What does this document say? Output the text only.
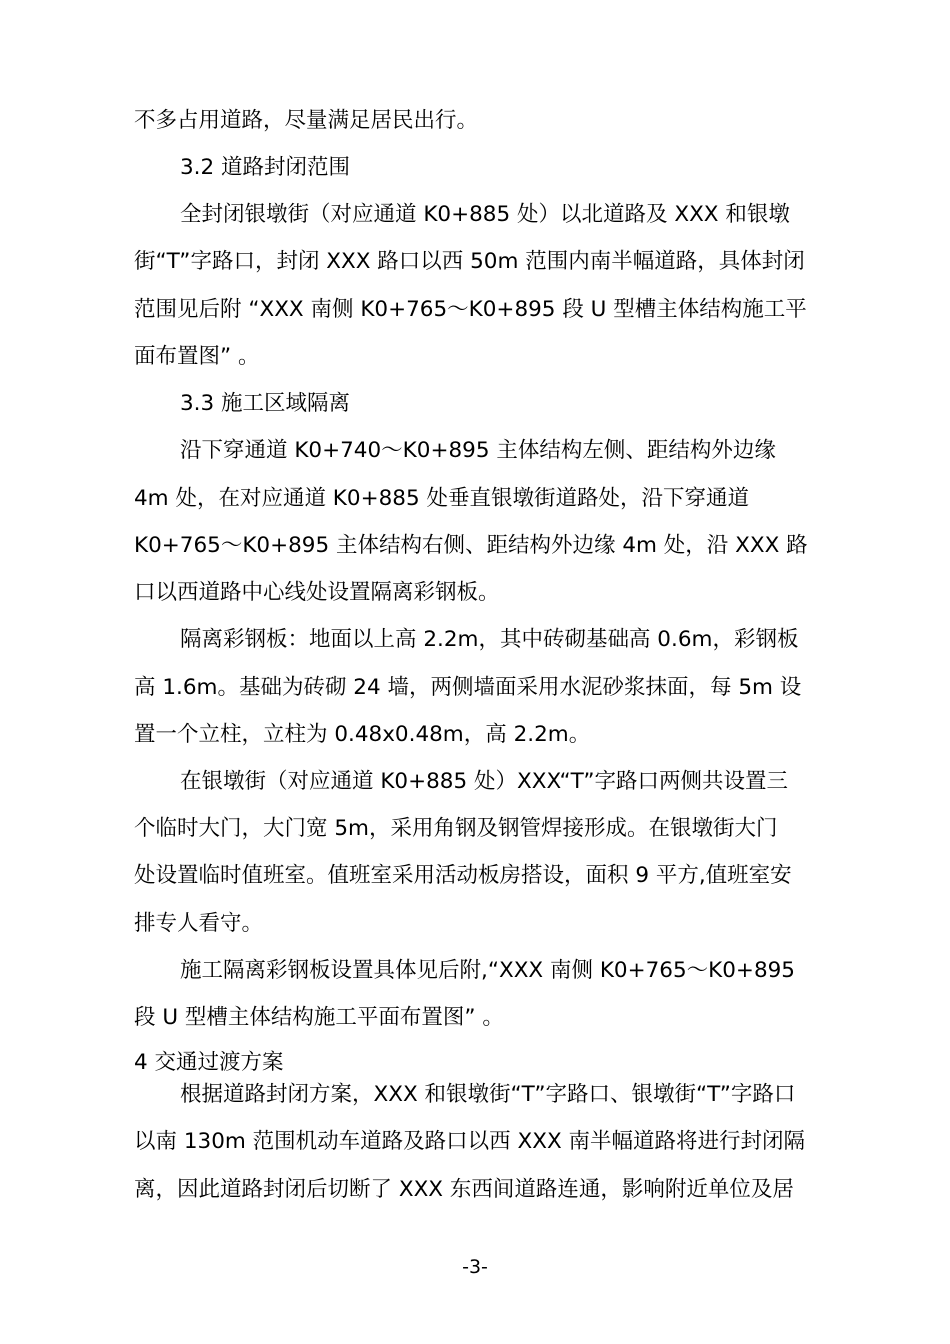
不多占用道路，尽量满足居民出行。
3.2 道路封闭范围
全封闭银墩街（对应通道 K0+885 处）以北道路及 XXX 和银墩
街“T”字路口，封闭 XXX 路口以西 50m 范围内南半幅道路，具体封闭
范围见后附 “XXX 南侧 K0+765～K0+895 段 U 型槽主体结构施工平
面布置图” 。
3.3 施工区域隔离
沿下穿通道 K0+740～K0+895 主体结构左侧、距结构外边缘
4m 处，在对应通道 K0+885 处垂直银墩街道路处，沿下穿通道
K0+765～K0+895 主体结构右侧、距结构外边缘 4m 处，沿 XXX 路
口以西道路中心线处设置隔离彩钢板。
隔离彩钢板：地面以上高 2.2m，其中砖砌基础高 0.6m，彩钢板
高 1.6m。基础为砖砌 24 墙，两侧墙面采用水泥砂浆抹面，每 5m 设
置一个立柱，立柱为 0.48x0.48m，高 2.2m。
在银墩街（对应通道 K0+885 处）XXX“T”字路口两侧共设置三
个临时大门，大门宽 5m，采用角钢及钢管焊接形成。在银墩街大门
处设置临时值班室。值班室采用活动板房搭设，面积 9 平方,值班室安
排专人看守。
施工隔离彩钢板设置具体见后附,“XXX 南侧 K0+765～K0+895
段 U 型槽主体结构施工平面布置图” 。
4 交通过渡方案
根据道路封闭方案，XXX 和银墩街“T”字路口、银墩街“T”字路口
以南 130m 范围机动车道路及路口以西 XXX 南半幅道路将进行封闭隔
离，因此道路封闭后切断了 XXX 东西间道路连通，影响附近单位及居
-3-
